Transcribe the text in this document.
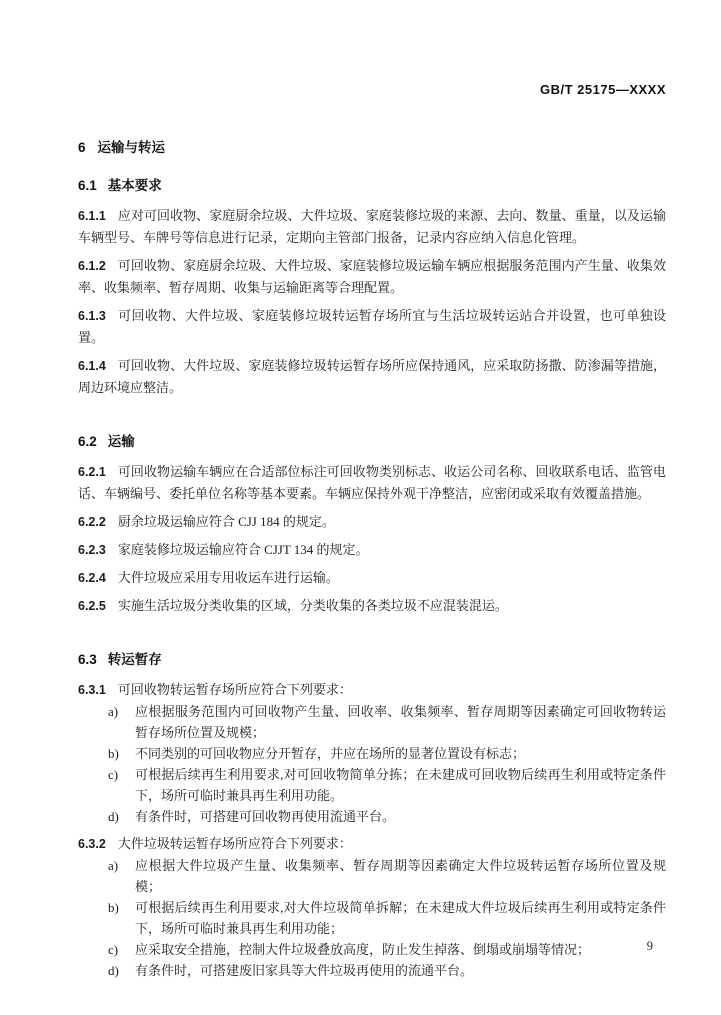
GB/T 25175—XXXX
6 运输与转运
6.1 基本要求

6.1.1 应对可回收物、家庭厨余垃圾、大件垃圾、家庭装修垃圾的来源、去向、数量、重量，以及运输车辆型号、车牌号等信息进行记录，定期向主管部门报备，记录内容应纳入信息化管理。

6.1.2 可回收物、家庭厨余垃圾、大件垃圾、家庭装修垃圾运输车辆应根据服务范围内产生量、收集效率、收集频率、暂存周期、收集与运输距离等合理配置。

6.1.3 可回收物、大件垃圾、家庭装修垃圾转运暂存场所宜与生活垃圾转运站合并设置，也可单独设置。

6.1.4 可回收物、大件垃圾、家庭装修垃圾转运暂存场所应保持通风，应采取防扬撒、防渗漏等措施，周边环境应整洁。

6.2 运输

6.2.1 可回收物运输车辆应在合适部位标注可回收物类别标志、收运公司名称、回收联系电话、监管电话、车辆编号、委托单位名称等基本要素。车辆应保持外观干净整洁，应密闭或采取有效覆盖措施。

6.2.2 厨余垃圾运输应符合 CJJ 184 的规定。

6.2.3 家庭装修垃圾运输应符合 CJJT 134 的规定。

6.2.4 大件垃圾应采用专用收运车进行运输。

6.2.5 实施生活垃圾分类收集的区域，分类收集的各类垃圾不应混装混运。

6.3 转运暂存

6.3.1 可回收物转运暂存场所应符合下列要求：

a)	应根据服务范围内可回收物产生量、回收率、收集频率、暂存周期等因素确定可回收物转运暂存场所位置及规模；
b)	不同类别的可回收物应分开暂存，并应在场所的显著位置设有标志；
c)	可根据后续再生利用要求,对可回收物简单分拣；在未建成可回收物后续再生利用或特定条件下，场所可临时兼具再生利用功能。
d)	有条件时，可搭建可回收物再使用流通平台。

6.3.2 大件垃圾转运暂存场所应符合下列要求：

a)	应根据大件垃圾产生量、收集频率、暂存周期等因素确定大件垃圾转运暂存场所位置及规模；
b)	可根据后续再生利用要求,对大件垃圾简单拆解；在未建成大件垃圾后续再生利用或特定条件下，场所可临时兼具再生利用功能；
c)	应采取安全措施，控制大件垃圾叠放高度，防止发生掉落、倒塌或崩塌等情况；
d)	有条件时，可搭建废旧家具等大件垃圾再使用的流通平台。
9
